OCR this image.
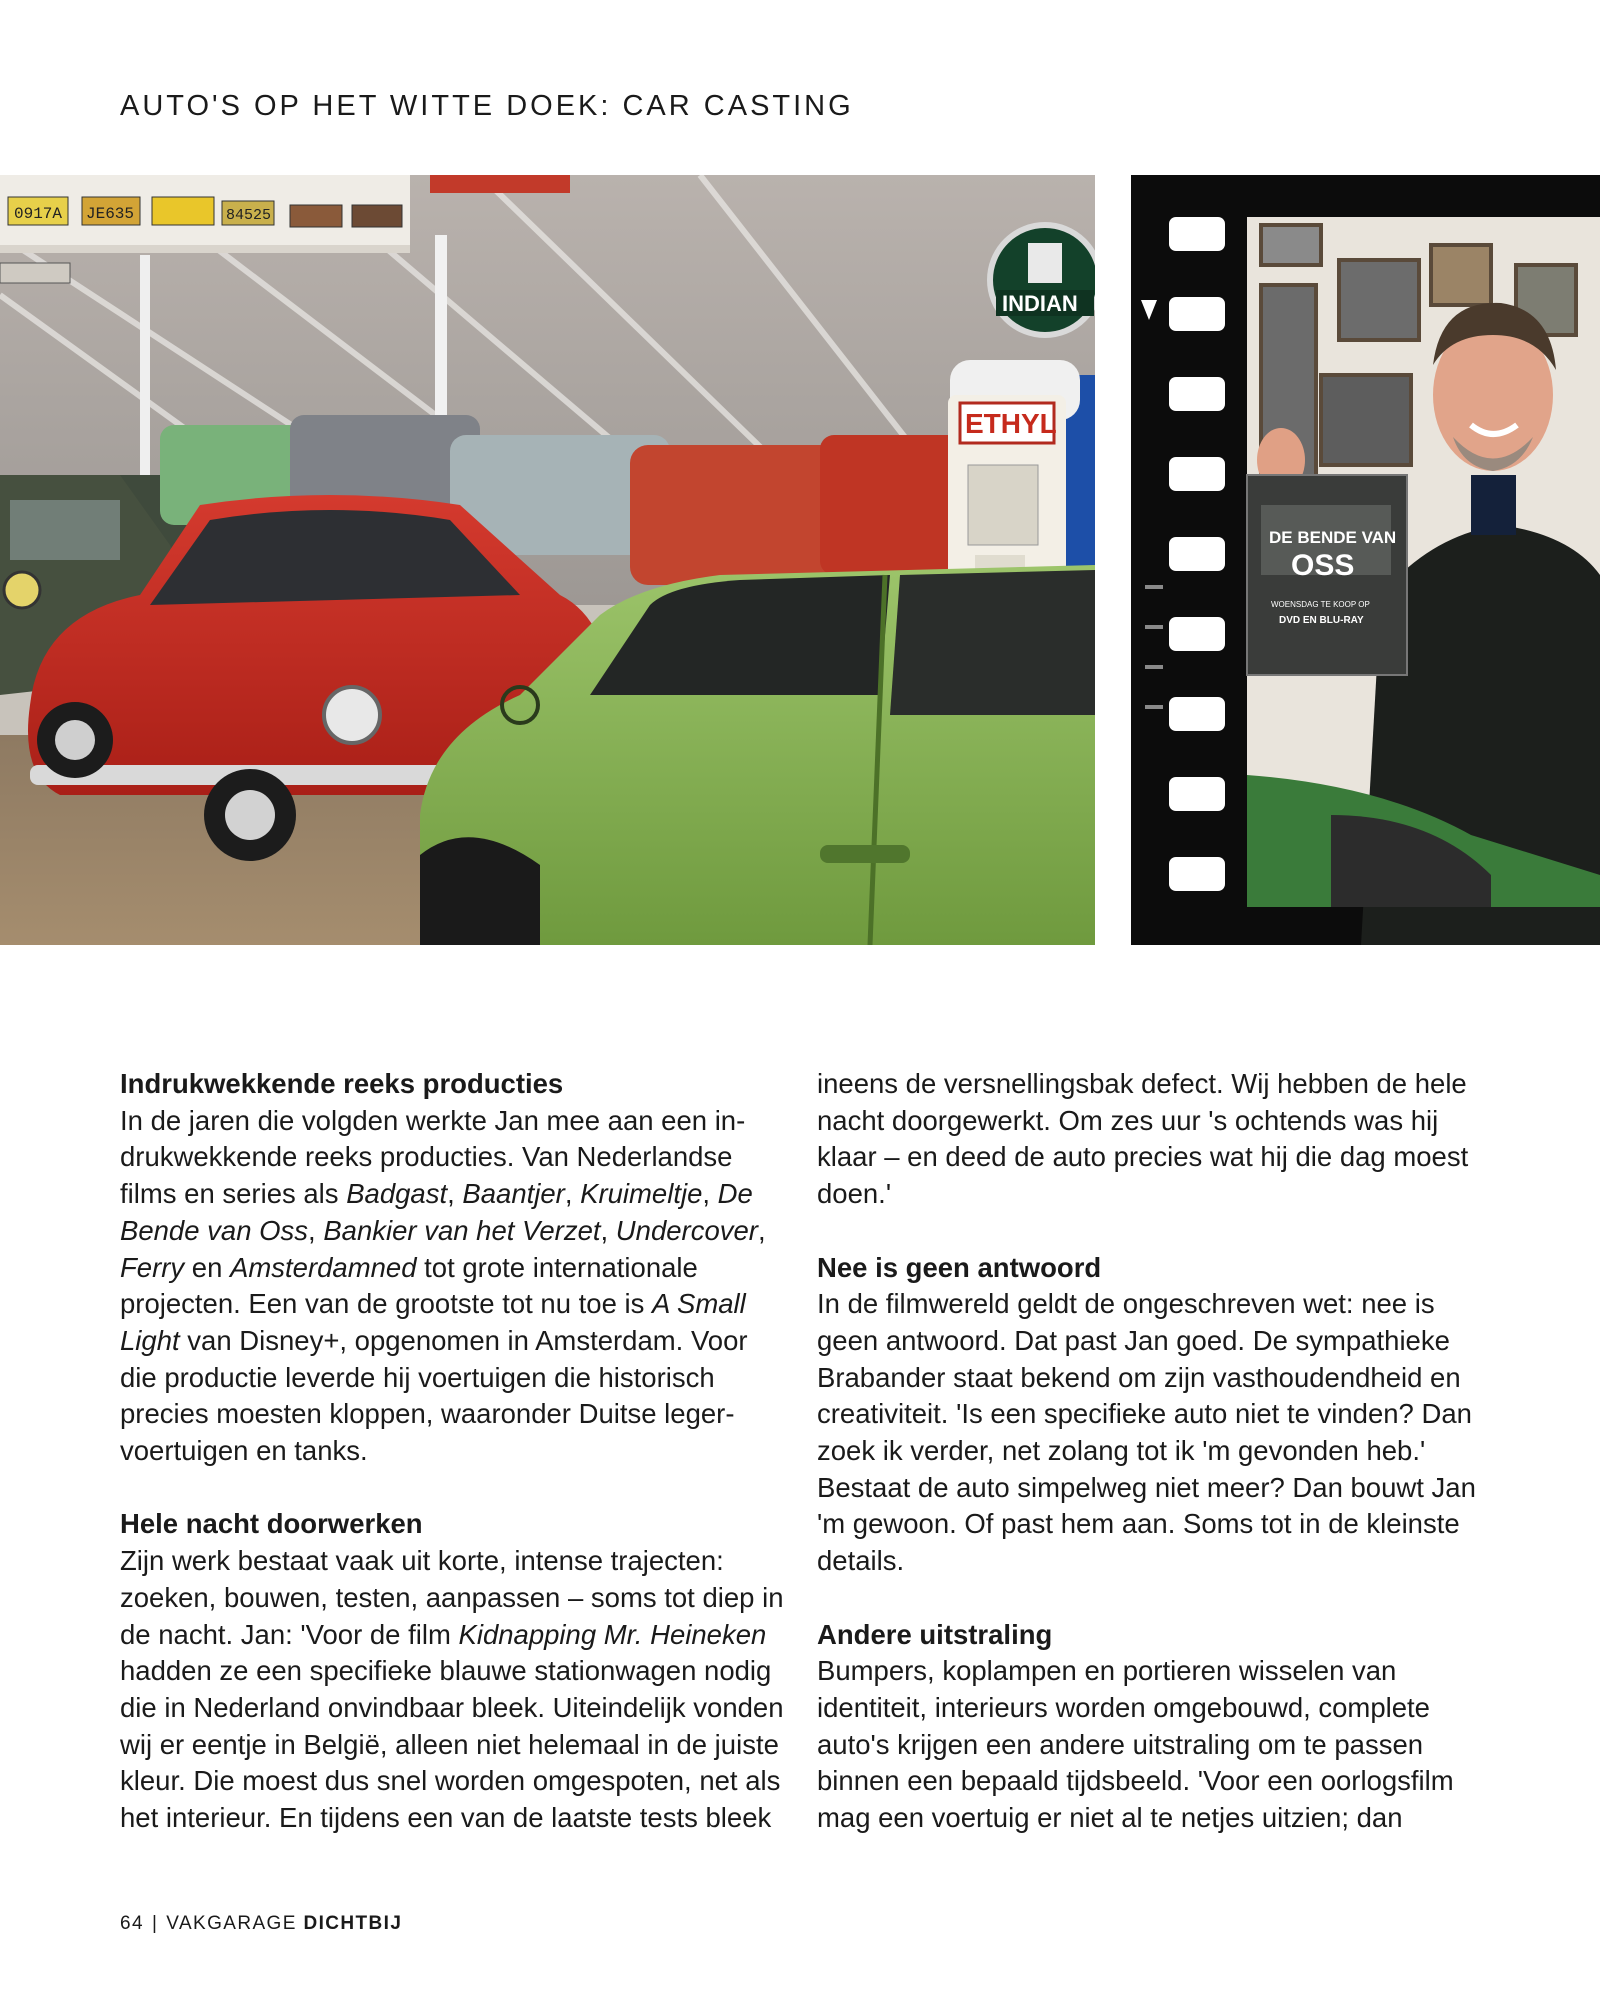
AUTO'S OP HET WITTE DOEK: CAR CASTING
0917A JE635	84525
ETHYL
INDIAN
DE BENDE VAN
OSS
WOENSDAG TE KOOP OP
DVD EN BLU-RAY
Indrukwekkende reeks producties

In de jaren die volgden werkte Jan mee aan een in-drukwekkende reeks producties. Van Nederlandse films en series als Badgast, Baantjer, Kruimeltje, De Bende van Oss, Bankier van het Verzet, Undercover, Ferry en Amsterdamned tot grote internationale projecten. Een van de grootste tot nu toe is A Small Light van Disney+, opgenomen in Amsterdam. Voor die productie leverde hij voertuigen die historisch precies moesten kloppen, waaronder Duitse leger-voertuigen en tanks.

Hele nacht doorwerken

Zijn werk bestaat vaak uit korte, intense trajecten: zoeken, bouwen, testen, aanpassen – soms tot diep in de nacht. Jan: 'Voor de film Kidnapping Mr. Heineken hadden ze een specifieke blauwe stationwagen nodig die in Nederland onvindbaar bleek. Uiteindelijk vonden wij er eentje in België, alleen niet helemaal in de juiste kleur. Die moest dus snel worden omgespoten, net als het interieur. En tijdens een van de laatste tests bleek

ineens de versnellingsbak defect. Wij hebben de hele nacht doorgewerkt. Om zes uur 's ochtends was hij klaar – en deed de auto precies wat hij die dag moest doen.'

Nee is geen antwoord

In de filmwereld geldt de ongeschreven wet: nee is geen antwoord. Dat past Jan goed. De sympathieke Brabander staat bekend om zijn vasthoudendheid en creativiteit. 'Is een specifieke auto niet te vinden? Dan zoek ik verder, net zolang tot ik 'm gevonden heb.' Bestaat de auto simpelweg niet meer? Dan bouwt Jan 'm gewoon. Of past hem aan. Soms tot in de kleinste details.

Andere uitstraling

Bumpers, koplampen en portieren wisselen van identiteit, interieurs worden omgebouwd, complete auto's krijgen een andere uitstraling om te passen binnen een bepaald tijdsbeeld. 'Voor een oorlogsfilm mag een voertuig er niet al te netjes uitzien; dan

64 | VAKGARAGE DICHTBIJ
